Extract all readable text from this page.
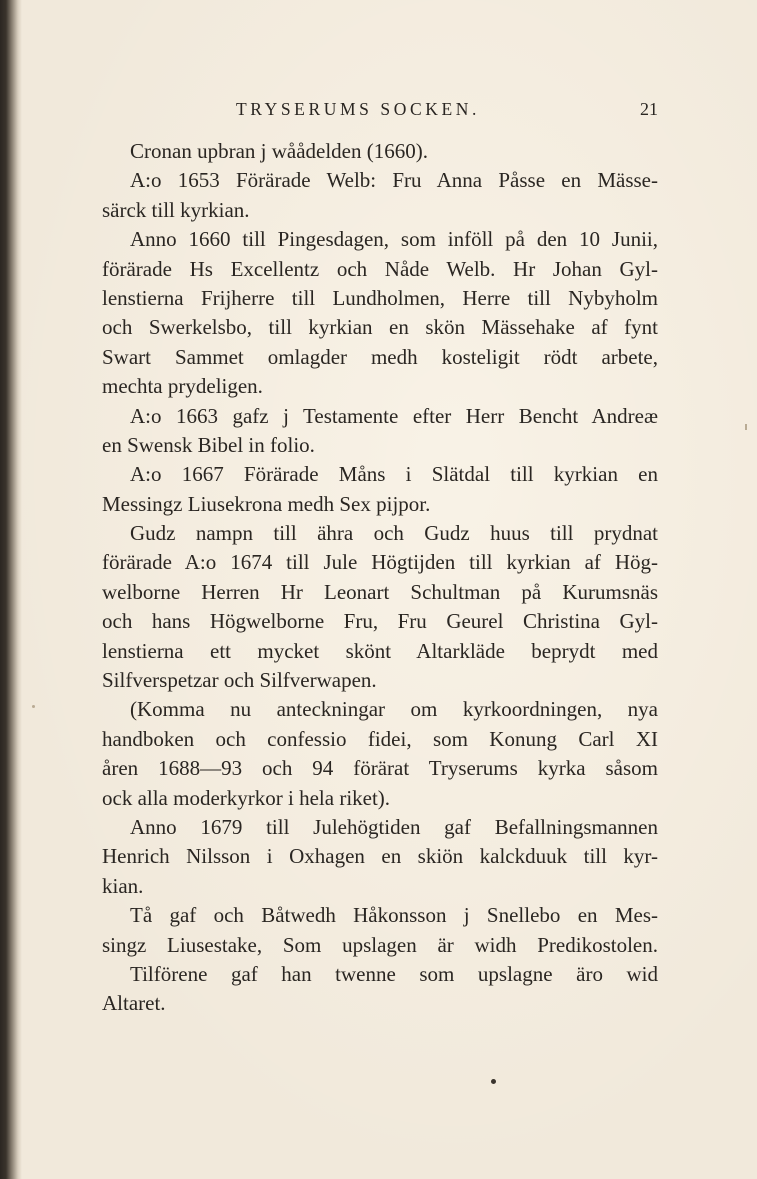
TRYSERUMS SOCKEN.	21
Cronan upbran j wåådelden (1660).
A:o 1653 Förärade Welb: Fru Anna Påsse en Mässe-
särck till kyrkian.
Anno 1660 till Pingesdagen, som inföll på den 10 Junii,
förärade Hs Excellentz och Nåde Welb. Hr Johan Gyl-
lenstierna Frijherre till Lundholmen, Herre till Nybyholm
och Swerkelsbo, till kyrkian en skön Mässehake af fynt
Swart Sammet omlagder medh kosteligit rödt arbete,
mechta prydeligen.
A:o 1663 gafz j Testamente efter Herr Bencht Andreæ
en Swensk Bibel in folio.
A:o 1667 Förärade Måns i Slätdal till kyrkian en
Messingz Liusekrona medh Sex pijpor.
Gudz nampn till ähra och Gudz huus till prydnat
förärade A:o 1674 till Jule Högtijden till kyrkian af Hög-
welborne Herren Hr Leonart Schultman på Kurumsnäs
och hans Högwelborne Fru, Fru Geurel Christina Gyl-
lenstierna ett mycket skönt Altarkläde beprydt med
Silfverspetzar och Silfverwapen.
(Komma nu anteckningar om kyrkoordningen, nya
handboken och confessio fidei, som Konung Carl XI
åren 1688—93 och 94 förärat Tryserums kyrka såsom
ock alla moderkyrkor i hela riket).
Anno 1679 till Julehögtiden gaf Befallningsmannen
Henrich Nilsson i Oxhagen en skiön kalckduuk till kyr-
kian.
Tå gaf och Båtwedh Håkonsson j Snellebo en Mes-
singz Liusestake, Som upslagen är widh Predikostolen.
Tilförene gaf han twenne som upslagne äro wid
Altaret.
